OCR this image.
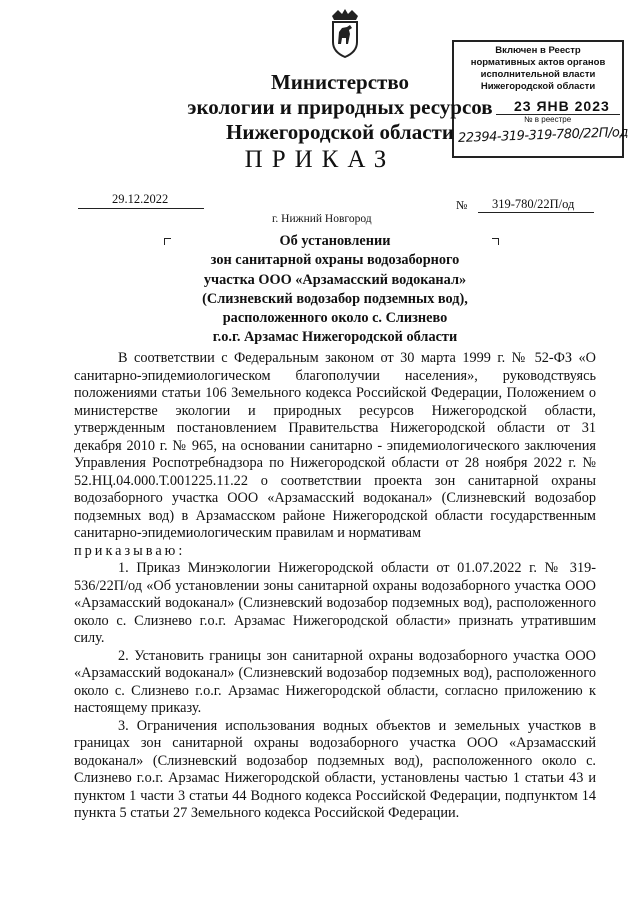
Включен в Реестр
нормативных актов органов
исполнительной власти
Нижегородской области
23 ЯНВ 2023
№ в реестре
22394-319-319-780/22П/од
Министерство
экологии и природных ресурсов
Нижегородской области
ПРИКАЗ
29.12.2022	№ 319-780/22П/од
г. Нижний Новгород
Об установлении
зон санитарной охраны водозаборного
участка ООО «Арзамасский водоканал»
(Слизневский водозабор подземных вод),
расположенного около с. Слизнево
г.о.г. Арзамас Нижегородской области

В соответствии с Федеральным законом от 30 марта 1999 г. № 52-ФЗ «О санитарно-эпидемиологическом благополучии населения», руководствуясь положениями статьи 106 Земельного кодекса Российской Федерации, Положением о министерстве экологии и природных ресурсов Нижегородской области, утвержденным постановлением Правительства Нижегородской области от 31 декабря 2010 г. № 965, на основании санитарно - эпидемиологического заключения Управления Роспотребнадзора по Нижегородской области от 28 ноября 2022 г. № 52.НЦ.04.000.Т.001225.11.22 о соответствии проекта зон санитарной охраны водозаборного участка ООО «Арзамасский водоканал» (Слизневский водозабор подземных вод) в Арзамасском районе Нижегородской области государственным санитарно-эпидемиологическим правилам и нормативам

приказываю:

1. Приказ Минэкологии Нижегородской области от 01.07.2022 г. № 319-536/22П/од «Об установлении зоны санитарной охраны водозаборного участка ООО «Арзамасский водоканал» (Слизневский водозабор подземных вод), расположенного около с. Слизнево г.о.г. Арзамас Нижегородской области» признать утратившим силу.

2. Установить границы зон санитарной охраны водозаборного участка ООО «Арзамасский водоканал» (Слизневский водозабор подземных вод), расположенного около с. Слизнево г.о.г. Арзамас Нижегородской области, согласно приложению к настоящему приказу.

3. Ограничения использования водных объектов и земельных участков в границах зон санитарной охраны водозаборного участка ООО «Арзамасский водоканал» (Слизневский водозабор подземных вод), расположенного около с. Слизнево г.о.г. Арзамас Нижегородской области, установлены частью 1 статьи 43 и пунктом 1 части 3 статьи 44 Водного кодекса Российской Федерации, подпунктом 14 пункта 5 статьи 27 Земельного кодекса Российской Федерации.
